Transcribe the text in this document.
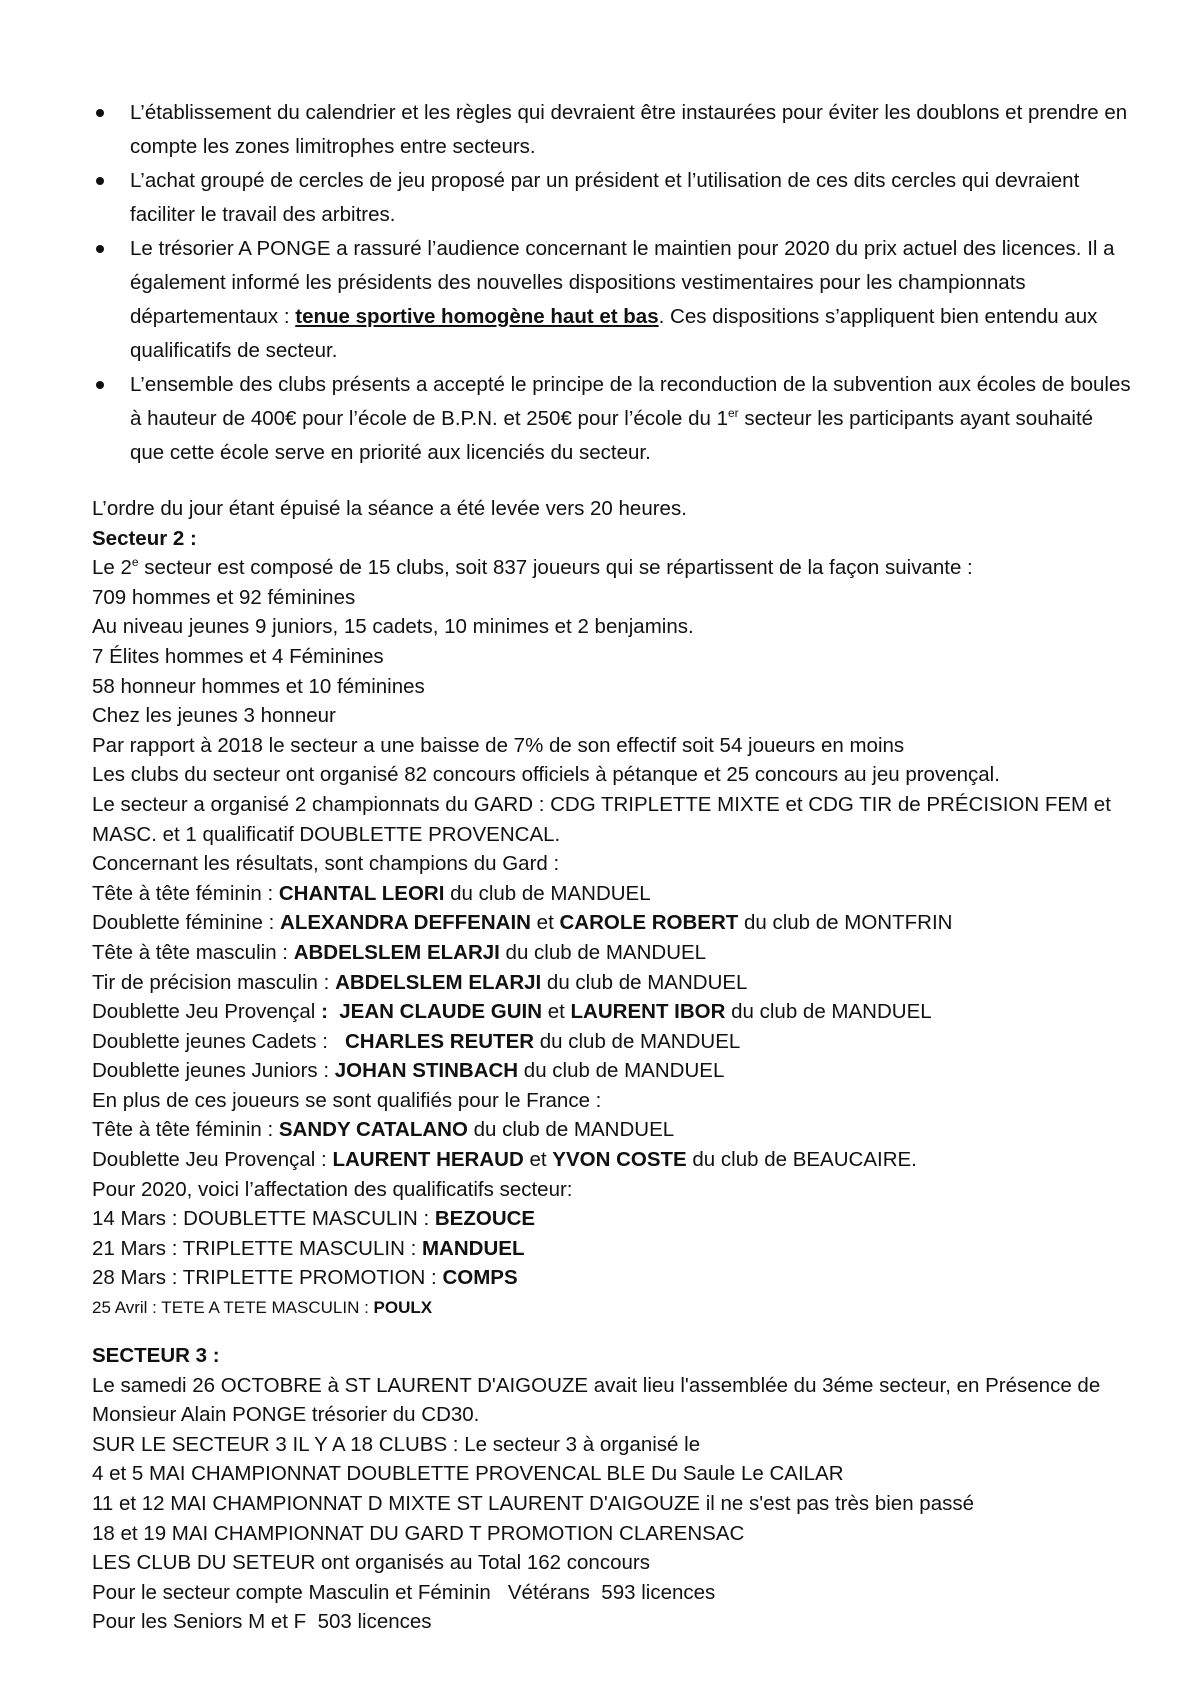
L’établissement du calendrier et les règles qui devraient être instaurées pour éviter les doublons et prendre en compte les zones limitrophes entre secteurs.
L’achat groupé de cercles de jeu proposé par un président et l’utilisation de ces dits cercles qui devraient faciliter le travail des arbitres.
Le trésorier A PONGE a rassuré l’audience concernant le maintien pour 2020 du prix actuel des licences. Il a également informé les présidents des nouvelles dispositions vestimentaires pour les championnats départementaux : tenue sportive homogène haut et bas. Ces dispositions s’appliquent bien entendu aux qualificatifs de secteur.
L’ensemble des clubs présents a accepté le principe de la reconduction de la subvention aux écoles de boules à hauteur de 400€ pour l’école de B.P.N. et 250€ pour l’école du 1er secteur les participants ayant souhaité que cette école serve en priorité aux licenciés du secteur.
L’ordre du jour étant épuisé la séance a été levée vers 20 heures.
Secteur 2 :
Le 2e secteur est composé de 15 clubs, soit 837 joueurs qui se répartissent de la façon suivante :
709 hommes et 92 féminines
Au niveau jeunes 9 juniors, 15 cadets, 10 minimes et 2 benjamins.
7 Élites hommes et 4 Féminines
58 honneur hommes et 10 féminines
Chez les jeunes 3 honneur
Par rapport à 2018 le secteur a une baisse de 7% de son effectif soit 54 joueurs en moins
Les clubs du secteur ont organisé 82 concours officiels à pétanque et 25 concours au jeu provençal.
Le secteur a organisé 2 championnats du GARD : CDG TRIPLETTE MIXTE et CDG TIR de PRÉCISION FEM et MASC. et 1 qualificatif DOUBLETTE PROVENCAL.
Concernant les résultats, sont champions du Gard :
Tête à tête féminin : CHANTAL LEORI du club de MANDUEL
Doublette féminine : ALEXANDRA DEFFENAIN et CAROLE ROBERT du club de MONTFRIN
Tête à tête masculin : ABDELSLEM ELARJI du club de MANDUEL
Tir de précision masculin : ABDELSLEM ELARJI du club de MANDUEL
Doublette Jeu Provençal :  JEAN CLAUDE GUIN et LAURENT IBOR du club de MANDUEL
Doublette jeunes Cadets :   CHARLES REUTER du club de MANDUEL
Doublette jeunes Juniors : JOHAN STINBACH du club de MANDUEL
En plus de ces joueurs se sont qualifiés pour le France :
Tête à tête féminin : SANDY CATALANO du club de MANDUEL
Doublette Jeu Provençal : LAURENT HERAUD et YVON COSTE du club de BEAUCAIRE.
Pour 2020, voici l’affectation des qualificatifs secteur:
14 Mars : DOUBLETTE MASCULIN : BEZOUCE
21 Mars : TRIPLETTE MASCULIN : MANDUEL
28 Mars : TRIPLETTE PROMOTION : COMPS
25 Avril : TETE A TETE MASCULIN : POULX
SECTEUR 3 :
Le samedi 26 OCTOBRE à ST LAURENT D'AIGOUZE avait lieu l'assemblée du 3éme secteur, en Présence de Monsieur Alain PONGE trésorier du CD30.
SUR LE SECTEUR 3 IL Y A 18 CLUBS : Le secteur 3 à organisé le
4 et 5 MAI CHAMPIONNAT DOUBLETTE PROVENCAL BLE Du Saule Le CAILAR
11 et 12 MAI CHAMPIONNAT D MIXTE ST LAURENT D'AIGOUZE il ne s'est pas très bien passé
18 et 19 MAI CHAMPIONNAT DU GARD T PROMOTION CLARENSAC
LES CLUB DU SETEUR ont organisés au Total 162 concours
Pour le secteur compte Masculin et Féminin   Vétérans  593 licences
Pour les Seniors M et F  503 licences
